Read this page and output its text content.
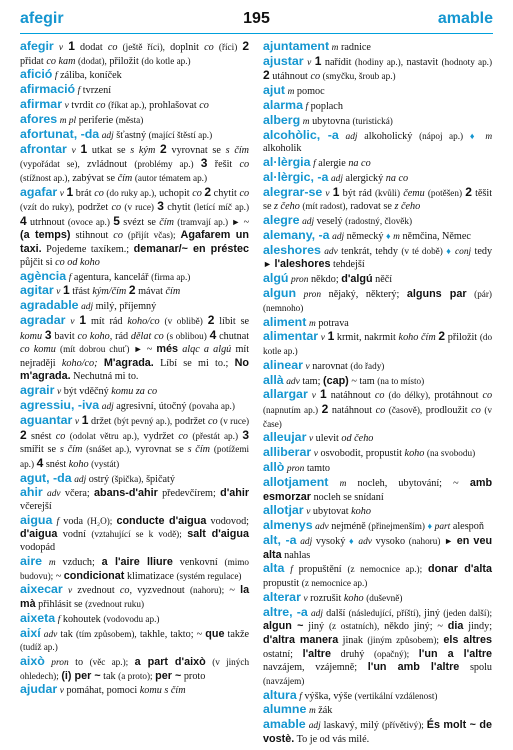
afegir	195	amable

afegir v 1 dodat co (ještě říci), doplnit co (říci) 2 přidat co kam (dodat), přiložit (do kotle ap.)

afició f záliba, koníček

afirmació f tvrzení

afirmar v tvrdit co (říkat ap.), prohlašovat co

afores m pl periferie (města)

afortunat, -da adj šťastný (mající štěstí ap.)

afrontar v 1 utkat se s kým 2 vyrovnat se s čím (vypořádat se), zvládnout (problémy ap.) 3 řešit co (stížnost ap.), zabývat se čím (autor tématem ap.)

agafar v 1 brát co (do ruky ap.), uchopit co 2 chytit co (vzít do ruky), podržet co (v ruce) 3 chytit (letící míč ap.) 4 utrhnout (ovoce ap.) 5 svézt se čím (tramvají ap.) ► ~ (a temps) stihnout co (přijít včas); Agafarem un taxi. Pojedeme taxíkem.; demanar/~ en préstec půjčit si co od koho

agència f agentura, kancelář (firma ap.)

agitar v 1 třást kým/čím 2 mávat čím

agradable adj milý, příjemný

agradar v 1 mít rád koho/co (v oblibě) 2 líbit se komu 3 bavit co koho, rád dělat co (s oblibou) 4 chutnat co komu (mít dobrou chuť) ► ~ més alqc a algú mít nejraději koho/co; M'agrada. Líbí se mi to.; No m'agrada. Nechutná mi to.

agrair v být vděčný komu za co

agressiu, -iva adj agresivní, útočný (povaha ap.)

aguantar v 1 držet (být pevný ap.), podržet co (v ruce) 2 snést co (odolat větru ap.), vydržet co (přestát ap.) 3 smířit se s čím (snášet ap.), vyrovnat se s čím (potížemi ap.) 4 snést koho (vystát)

agut, -da adj ostrý (špička), špičatý

ahir adv včera; abans-d'ahir předevčírem; d'ahir včerejší

aigua f voda (H₂O); conducte d'aigua vodovod; d'aigua vodní (vztahující se k vodě); salt d'aigua vodopád

aire m vzduch; a l'aire lliure venkovní (mimo budovu); ~ condicionat klimatizace (systém regulace)

aixecar v zvednout co, vyzvednout (nahoru); ~ la mà přihlásit se (zvednout ruku)

aixeta f kohoutek (vodovodu ap.)

així adv tak (tím způsobem), takhle, takto; ~ que takže (tudíž ap.)

això pron to (věc ap.); a part d'això (v jiných ohledech); (i) per ~ tak (a proto); per ~ proto

ajudar v pomáhat, pomoci komu s čím

ajuntament m radnice

ajustar v 1 nařídit (hodiny ap.), nastavit (hodnoty ap.) 2 utáhnout co (smyčku, šroub ap.)

ajut m pomoc

alarma f poplach

alberg m ubytovna (turistická)

alcohòlic, -a adj alkoholický (nápoj ap.) ♦ m alkoholik

al·lèrgia f alergie na co

al·lèrgic, -a adj alergický na co

alegrar-se v 1 být rád (kvůli) čemu (potěšen) 2 těšit se z čeho (mít radost), radovat se z čeho

alegre adj veselý (radostný, člověk)

alemany, -a adj německý ♦ m němčina, Němec

aleshores adv tenkrát, tehdy (v té době) ♦ conj tedy ► l'aleshores tehdejší

algú pron někdo; d'algú něčí

algun pron nějaký, některý; alguns par (pár) (nemnoho)

aliment m potrava

alimentar v 1 krmit, nakrmit koho čím 2 přiložit (do kotle ap.)

alinear v narovnat (do řady)

allà adv tam; (cap) ~ tam (na to místo)

allargar v 1 natáhnout co (do délky), protáhnout co (napnutím ap.) 2 natáhnout co (časově), prodloužit co (v čase)

alleujar v ulevit od čeho

alliberar v osvobodit, propustit koho (na svobodu)

allò pron tamto

allotjament m nocleh, ubytování; ~ amb esmorzar nocleh se snídaní

allotjar v ubytovat koho

almenys adv nejméně (přinejmenším) ♦ part alespoň

alt, -a adj vysoký ♦ adv vysoko (nahoru) ► en veu alta nahlas

alta f propuštění (z nemocnice ap.); donar d'alta propustit (z nemocnice ap.)

alterar v rozrušit koho (duševně)

altre, -a adj další (následující, příští), jiný (jeden další); algun ~ jiný (z ostatních), někdo jiný; ~ dia jindy; d'altra manera jinak (jiným způsobem); els altres ostatní; l'altre druhý (opačný); l'un a l'altre navzájem, vzájemně; l'un amb l'altre spolu (navzájem)

altura f výška, výše (vertikální vzdálenost)

alumne m žák

amable adj laskavý, milý (přívětivý); És molt ~ de vostè. To je od vás milé.
